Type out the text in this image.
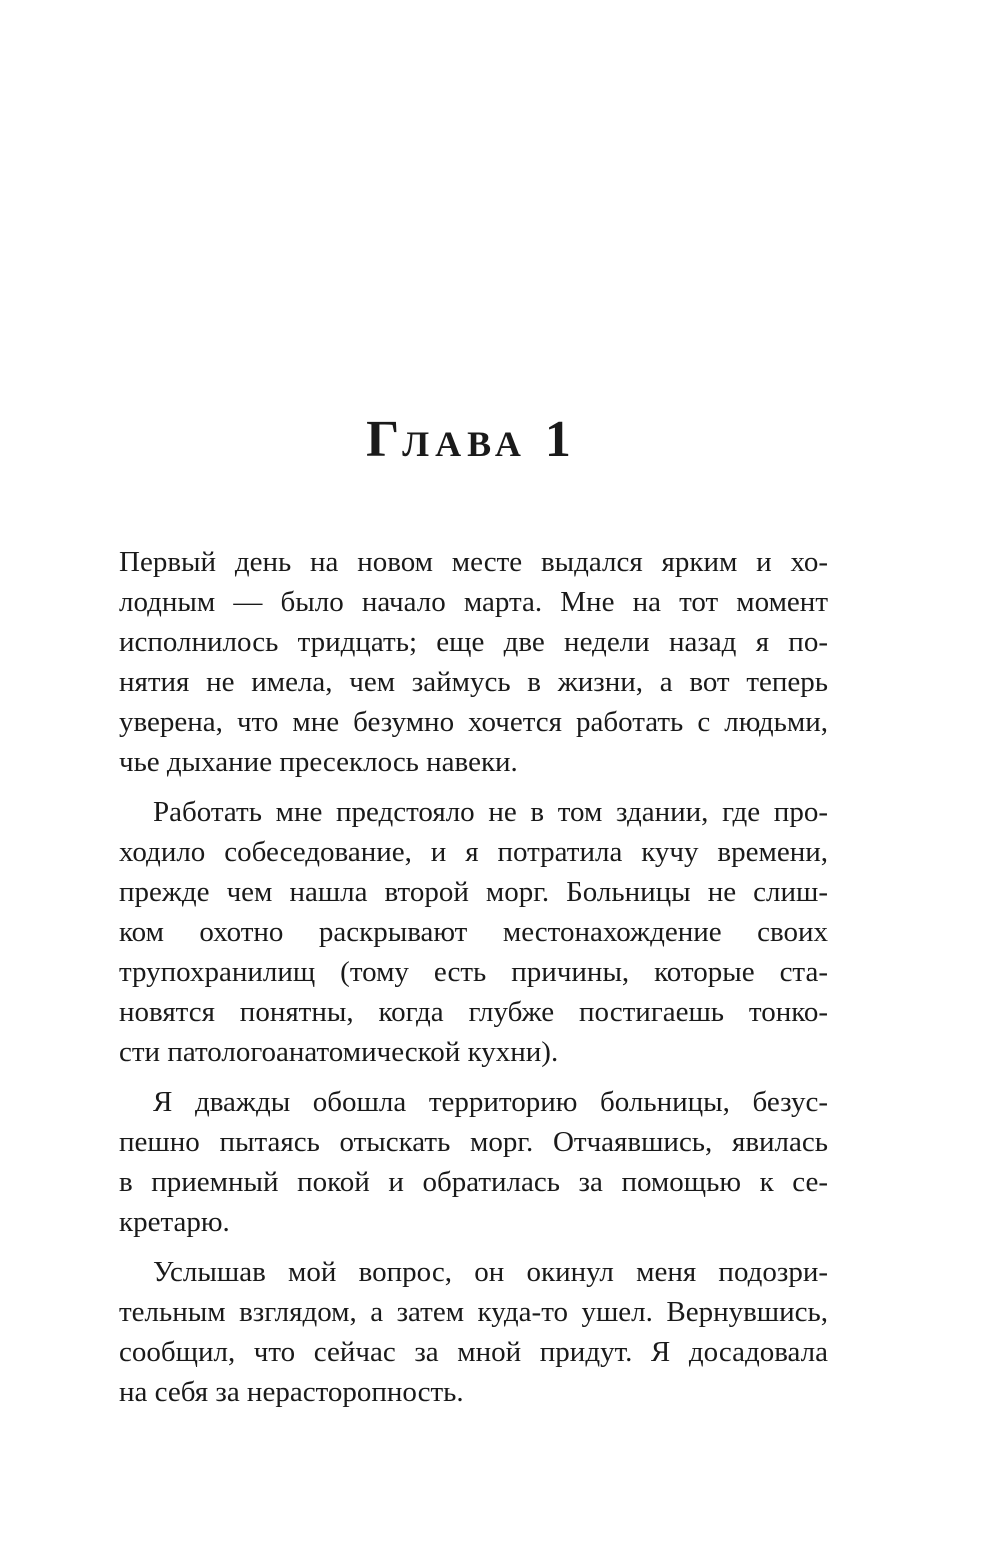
ГЛАВА 1
Первый день на новом месте выдался ярким и хо-
лодным — было начало марта. Мне на тот момент
исполнилось тридцать; еще две недели назад я по-
нятия не имела, чем займусь в жизни, а вот теперь
уверена, что мне безумно хочется работать с людьми,
чье дыхание пресеклось навеки.
Работать мне предстояло не в том здании, где про-
ходило собеседование, и я потратила кучу времени,
прежде чем нашла второй морг. Больницы не слиш-
ком охотно раскрывают местонахождение своих
трупохранилищ (тому есть причины, которые ста-
новятся понятны, когда глубже постигаешь тонко-
сти патологоанатомической кухни).
Я дважды обошла территорию больницы, безус-
пешно пытаясь отыскать морг. Отчаявшись, явилась
в приемный покой и обратилась за помощью к се-
кретарю.
Услышав мой вопрос, он окинул меня подозри-
тельным взглядом, а затем куда-то ушел. Вернувшись,
сообщил, что сейчас за мной придут. Я досадовала
на себя за нерасторопность.
